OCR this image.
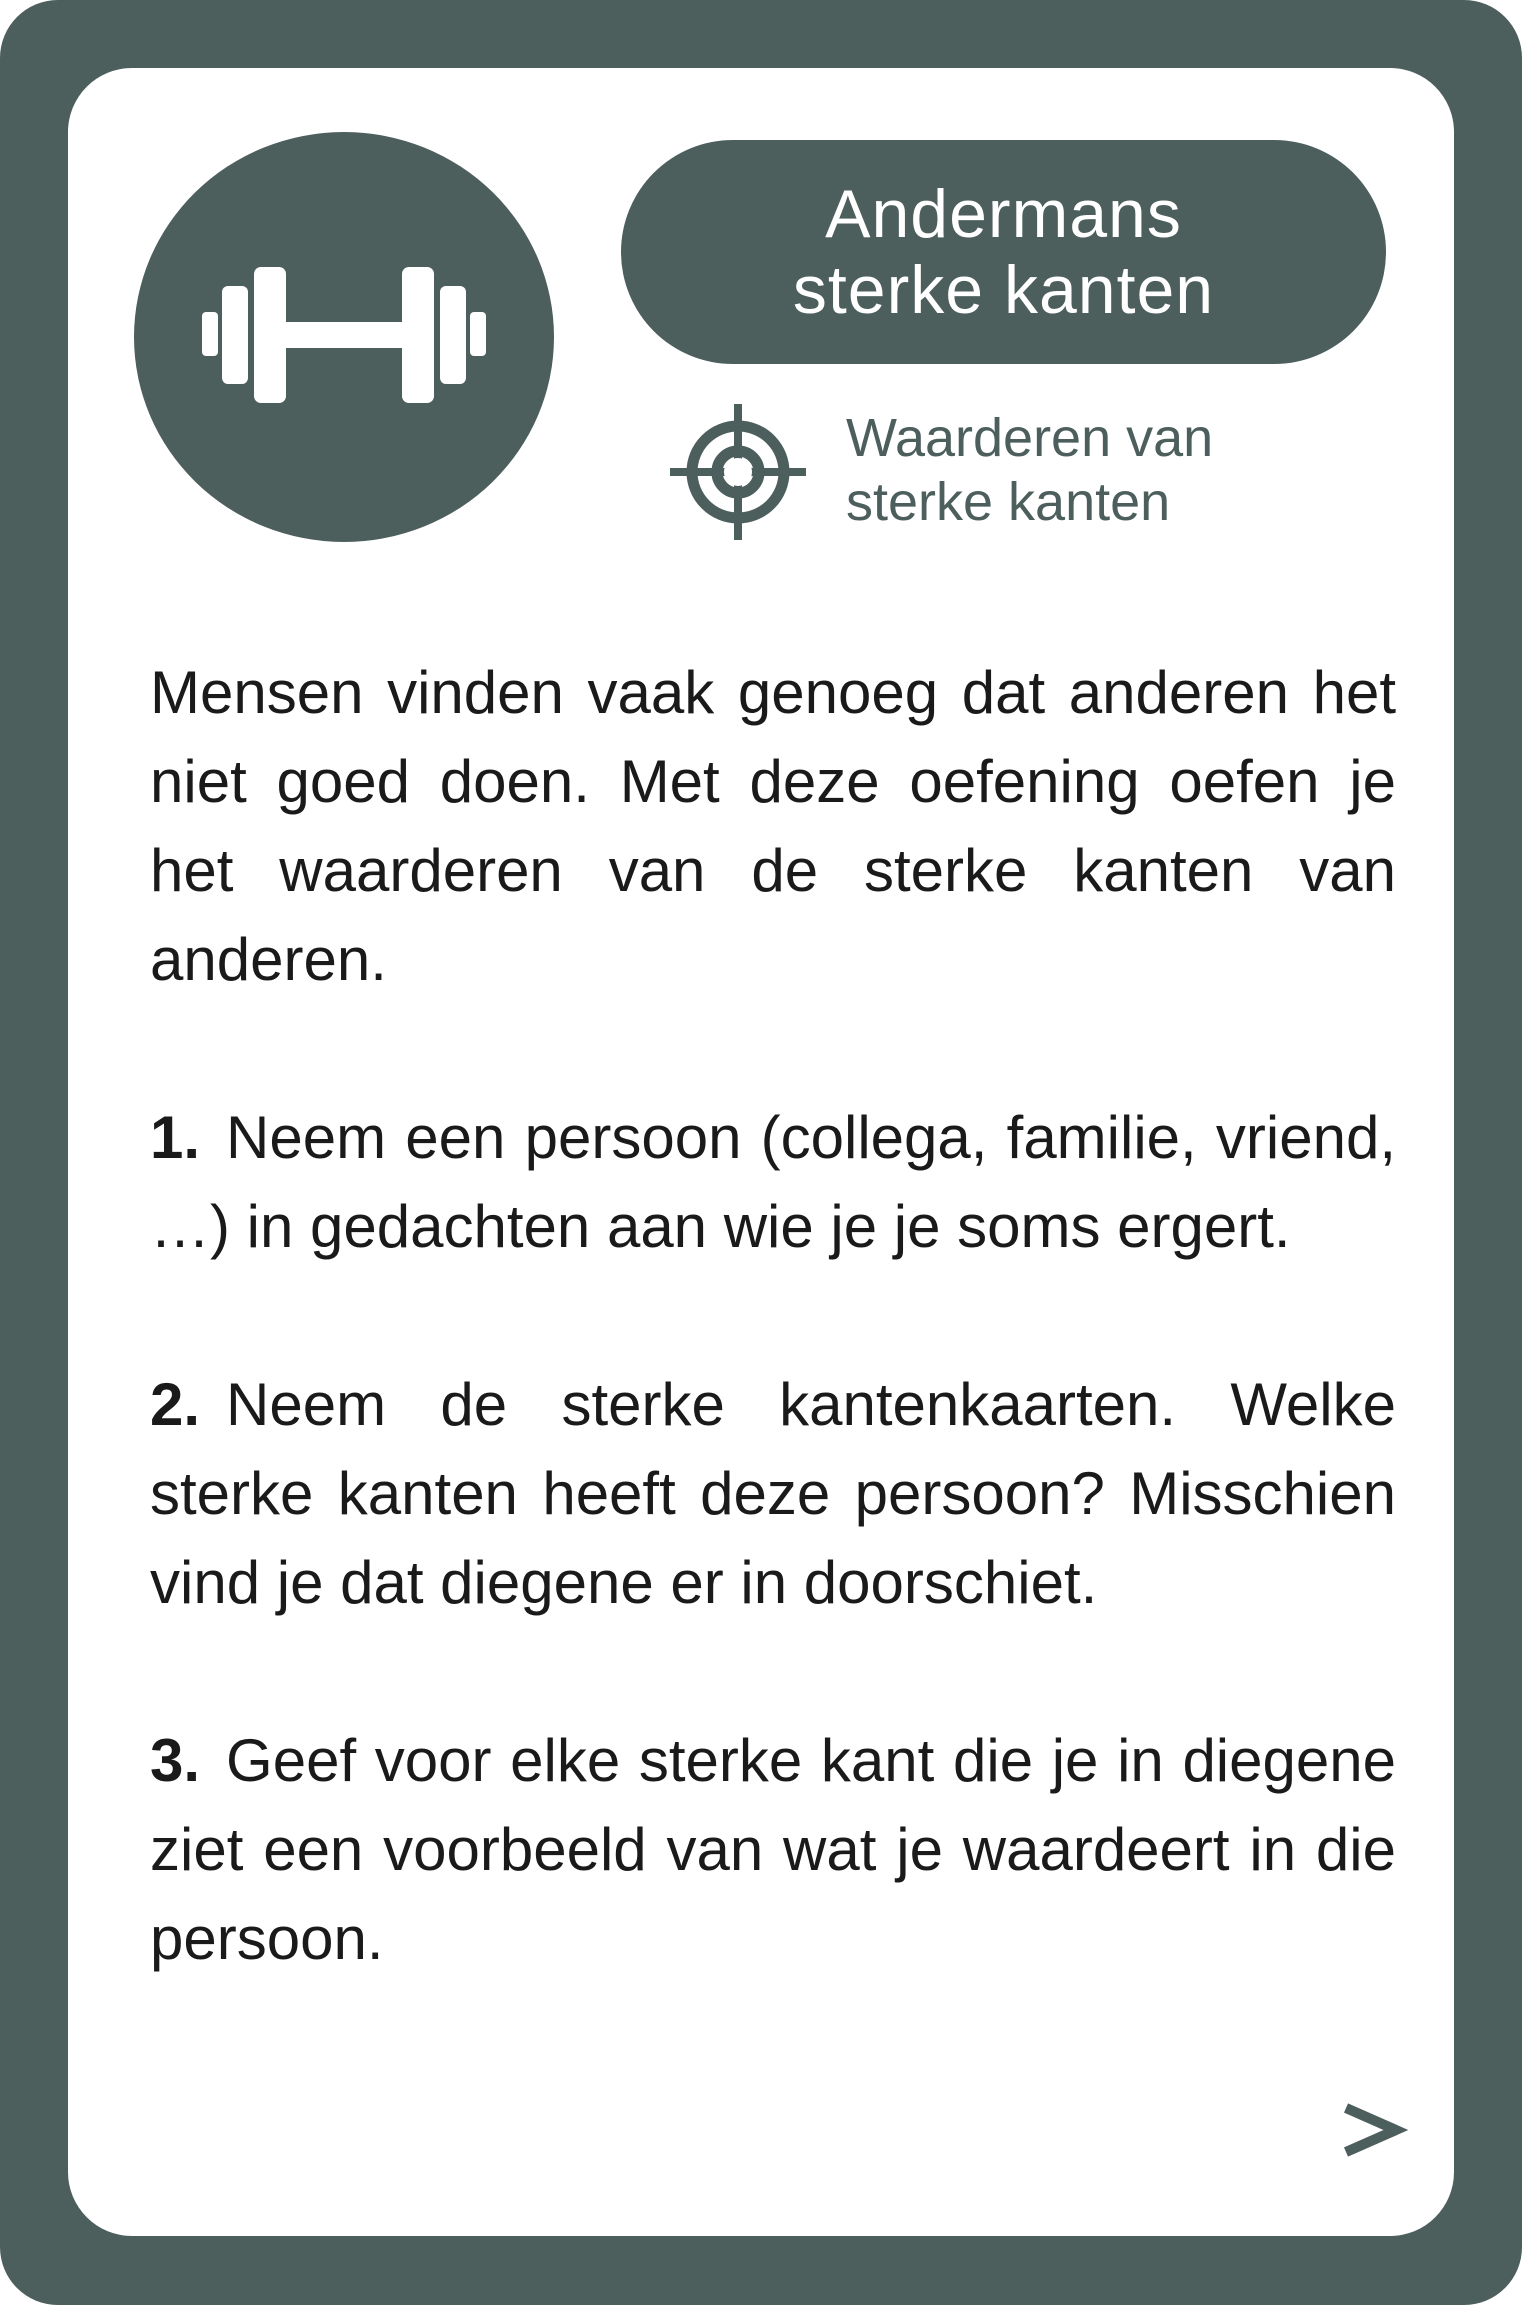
Andermans
sterke kanten
Waarderen van
sterke kanten

Mensen vinden vaak genoeg dat anderen het niet goed doen. Met deze oefening oefen je het waarderen van de sterke kanten van anderen.

1. Neem een persoon (collega, familie, vriend, …) in gedachten aan wie je je soms ergert.

2. Neem de sterke kantenkaarten. Welke sterke kanten heeft deze persoon? Misschien vind je dat diegene er in doorschiet.

3. Geef voor elke sterke kant die je in diegene ziet een voorbeeld van wat je waardeert in die persoon.
